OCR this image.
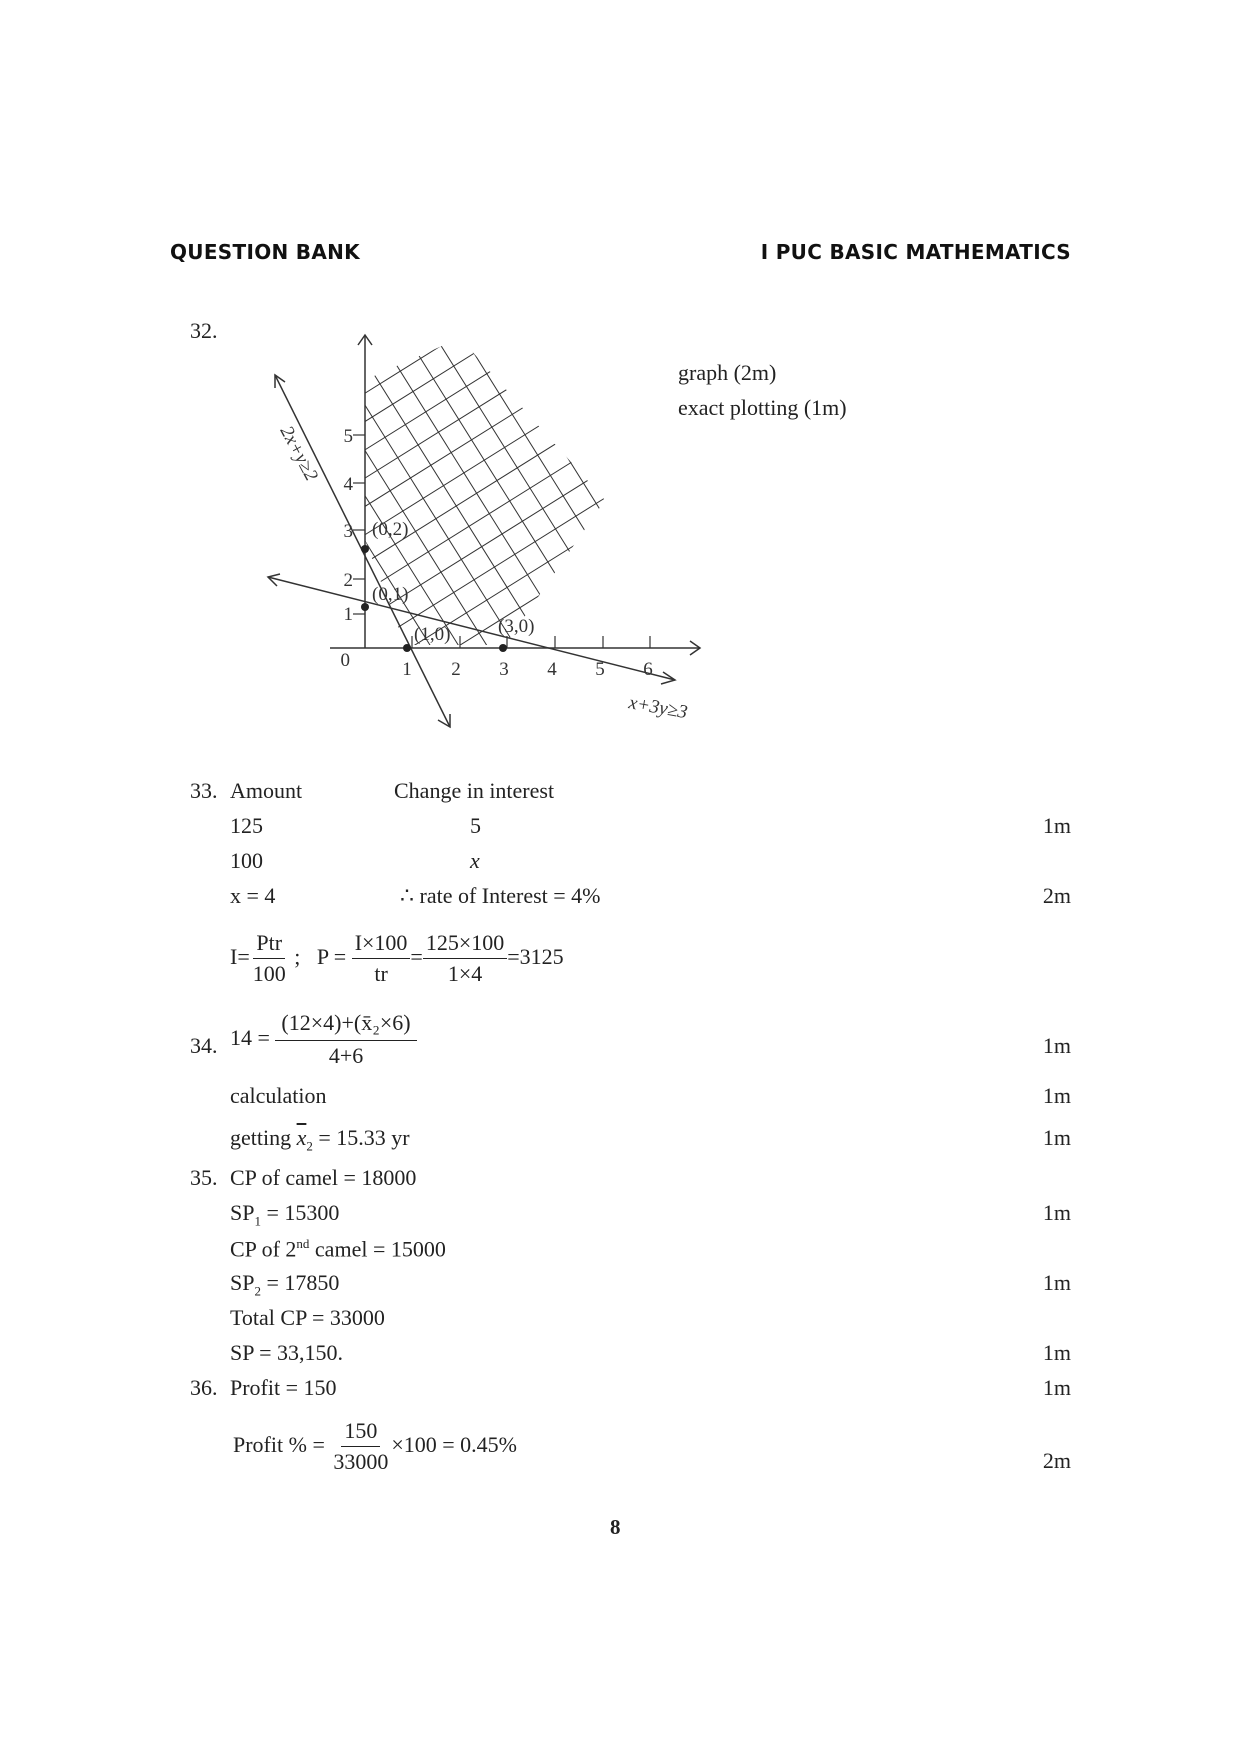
QUESTION BANK	I PUC BASIC MATHEMATICS
32.
graph (2m)
exact plotting (1m)
1 2 3 4 5 6
1
2
3
4
5
0
(0,2)
(0,1)
(1,0)	(3,0)
2x+y≥2
x+3y≥3
33. Amount	Change in interest
125	5	1m
100	x
x = 4	∴ rate of Interest = 4%	2m
$I= \frac{\text{Ptr}}{100}$ ; $P = \frac{I\times 100}{tr} = \frac{125\times 100}{1\times 4} =3125$
34. $14 = \frac{\text{(12×4)+(x̄₂×6)}}{4+6}$	1m
calculation	1m
getting $\overline{x}_2 = 15.33$ yr	1m
35. CP of camel = 18000
$SP_1 = 15300$	1m
CP of 2nd camel = 15000
$SP_2 = 17850$	1m
Total CP = 33000
SP = 33,150.	1m
36. Profit = 150	1m
Profit % = $\frac{150}{33000} \times 100 = 0.45\%$
2m
8
